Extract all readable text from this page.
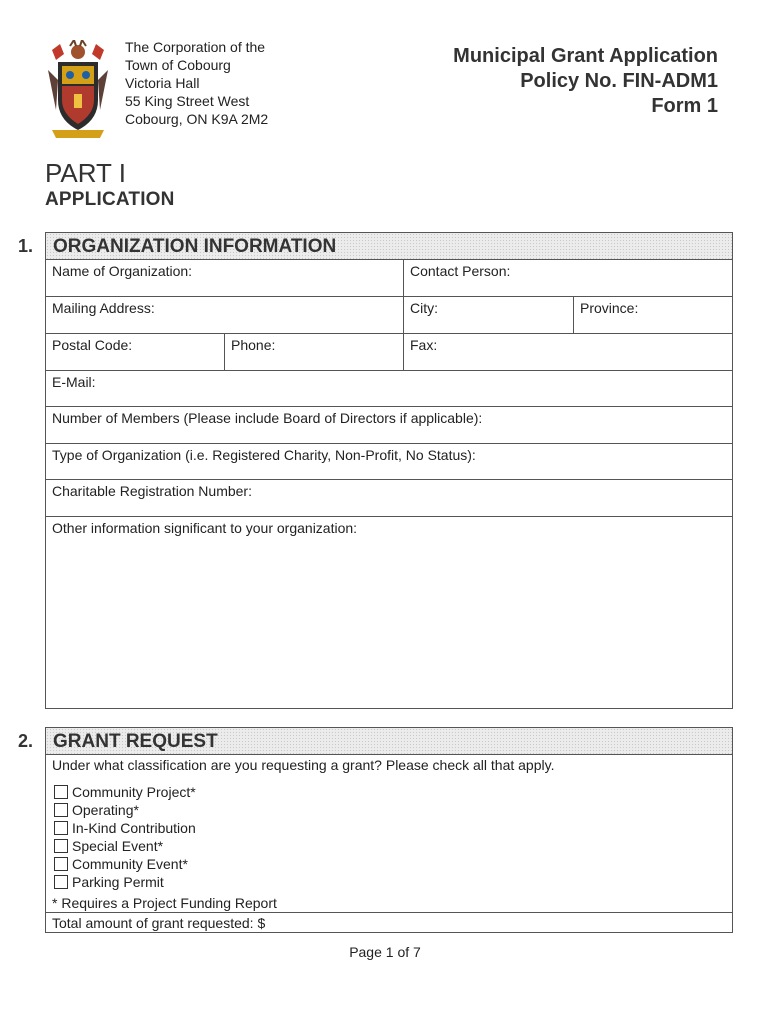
The Corporation of the
Town of Cobourg
Victoria Hall
55 King Street West
Cobourg, ON K9A 2M2
Municipal Grant Application
Policy No. FIN-ADM1
Form 1
PART I
APPLICATION
1.	ORGANIZATION INFORMATION
Name of Organization:	Contact Person:
Mailing Address:	City:	Province:
Postal Code:	Phone:	Fax:
E-Mail:
Number of Members (Please include Board of Directors if applicable):
Type of Organization (i.e. Registered Charity, Non-Profit, No Status):
Charitable Registration Number:
Other information significant to your organization:
2.	GRANT REQUEST
Under what classification are you requesting a grant? Please check all that apply.
Community Project*
Operating*
In-Kind Contribution
Special Event*
Community Event*
Parking Permit
* Requires a Project Funding Report
Total amount of grant requested: $
Page 1 of 7
